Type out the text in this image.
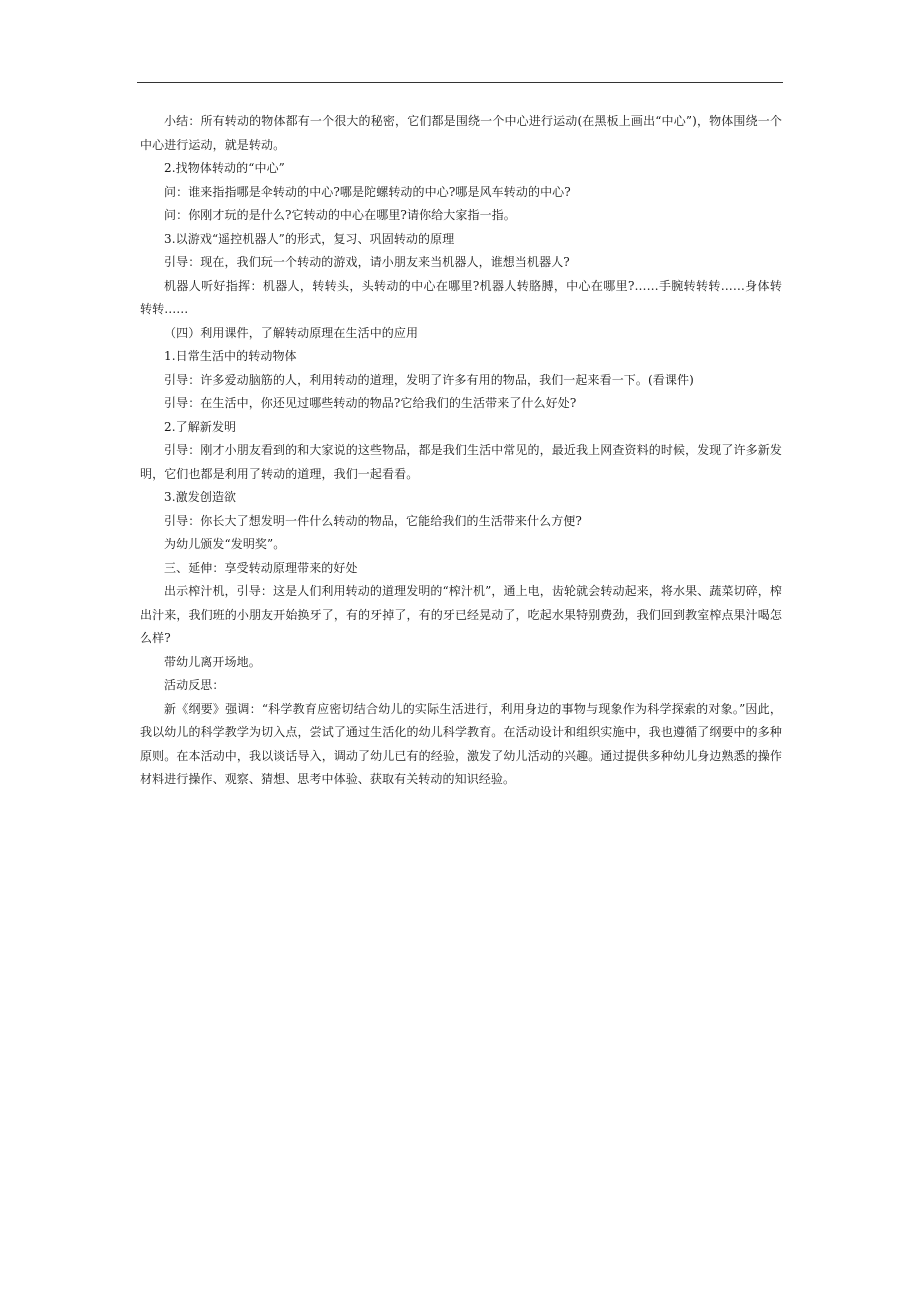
小结：所有转动的物体都有一个很大的秘密，它们都是围绕一个中心进行运动(在黑板上画出“中心”)，物体围绕一个中心进行运动，就是转动。

2.找物体转动的“中心”

问：谁来指指哪是伞转动的中心?哪是陀螺转动的中心?哪是风车转动的中心?

问：你刚才玩的是什么?它转动的中心在哪里?请你给大家指一指。

3.以游戏“遥控机器人”的形式，复习、巩固转动的原理

引导：现在，我们玩一个转动的游戏，请小朋友来当机器人，谁想当机器人?

机器人听好指挥：机器人，转转头，头转动的中心在哪里?机器人转胳膊，中心在哪里?……手腕转转转……身体转转转……

（四）利用课件，了解转动原理在生活中的应用

1.日常生活中的转动物体

引导：许多爱动脑筋的人，利用转动的道理，发明了许多有用的物品，我们一起来看一下。(看课件)

引导：在生活中，你还见过哪些转动的物品?它给我们的生活带来了什么好处?

2.了解新发明

引导：刚才小朋友看到的和大家说的这些物品，都是我们生活中常见的，最近我上网查资料的时候，发现了许多新发明，它们也都是利用了转动的道理，我们一起看看。

3.激发创造欲

引导：你长大了想发明一件什么转动的物品，它能给我们的生活带来什么方便?

为幼儿颁发“发明奖”。

三、延伸：享受转动原理带来的好处

出示榨汁机，引导：这是人们利用转动的道理发明的“榨汁机”，通上电，齿轮就会转动起来，将水果、蔬菜切碎，榨出汁来，我们班的小朋友开始换牙了，有的牙掉了，有的牙已经晃动了，吃起水果特别费劲，我们回到教室榨点果汁喝怎么样?

带幼儿离开场地。

活动反思：

新《纲要》强调：“科学教育应密切结合幼儿的实际生活进行，利用身边的事物与现象作为科学探索的对象。”因此，我以幼儿的科学教学为切入点，尝试了通过生活化的幼儿科学教育。在活动设计和组织实施中，我也遵循了纲要中的多种原则。在本活动中，我以谈话导入，调动了幼儿已有的经验，激发了幼儿活动的兴趣。通过提供多种幼儿身边熟悉的操作材料进行操作、观察、猜想、思考中体验、获取有关转动的知识经验。
